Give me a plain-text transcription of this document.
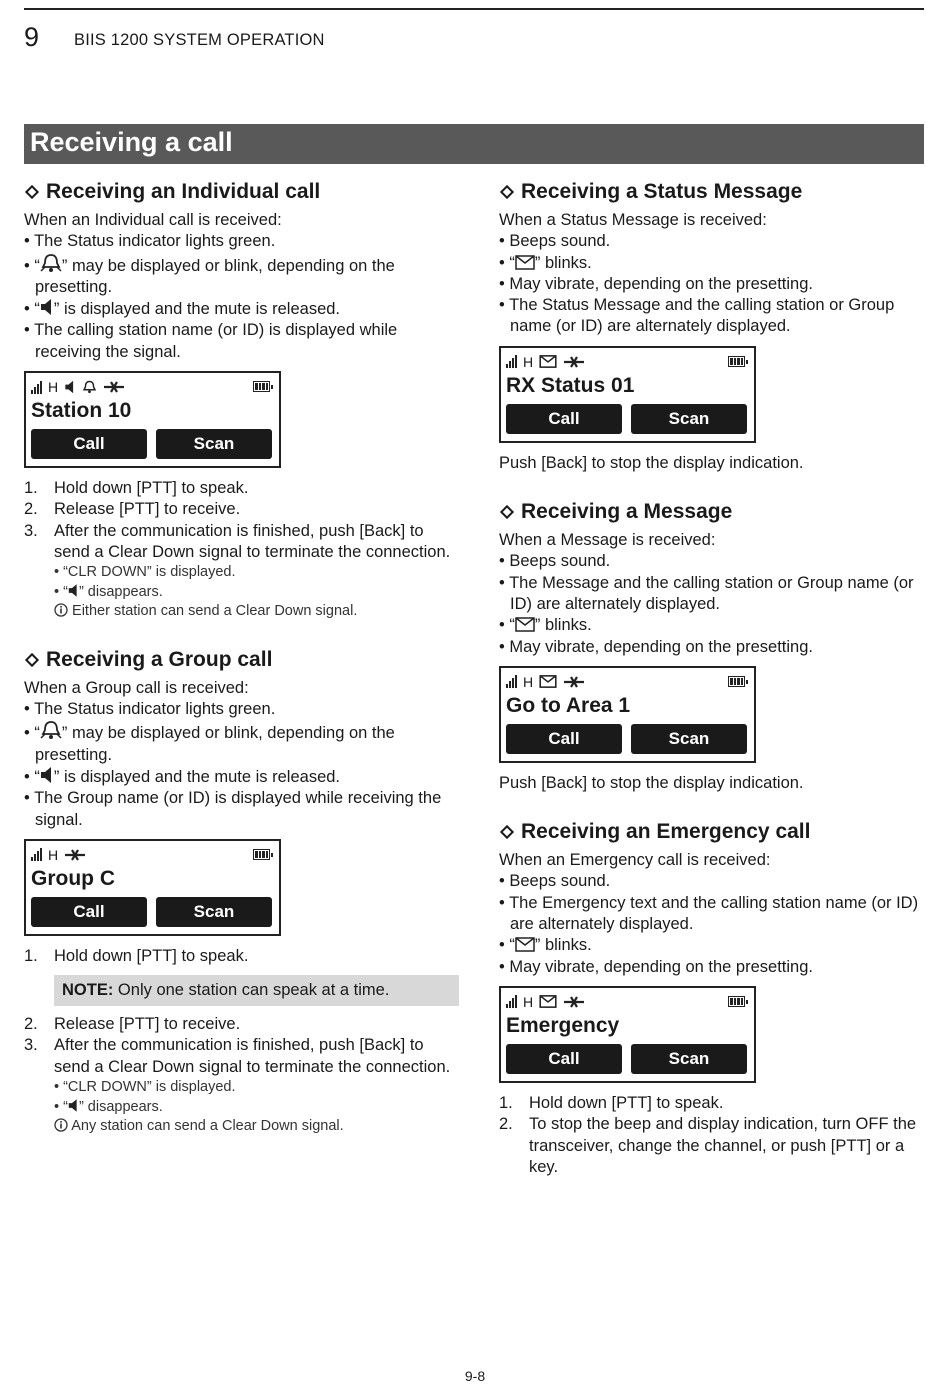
9 BIIS 1200 SYSTEM OPERATION
Receiving a call
Receiving an Individual call
When an Individual call is received:
• The Status indicator lights green.
• “ ” may be displayed or blink, depending on the presetting.
• “ ” is displayed and the mute is released.
• The calling station name (or ID) is displayed while receiving the signal.
H
Station 10
Call	Scan
1. Hold down [PTT] to speak.
2. Release [PTT] to receive.
3. After the communication is finished, push [Back] to send a Clear Down signal to terminate the connection.
• “CLR DOWN” is displayed.
• “ ” disappears.
Either station can send a Clear Down signal.
Receiving a Group call
When a Group call is received:
• The Status indicator lights green.
• “ ” may be displayed or blink, depending on the presetting.
• “ ” is displayed and the mute is released.
• The Group name (or ID) is displayed while receiving the signal.
H
Group C
Call	Scan
1. Hold down [PTT] to speak.
NOTE: Only one station can speak at a time.
2. Release [PTT] to receive.
3. After the communication is finished, push [Back] to send a Clear Down signal to terminate the connection.
• “CLR DOWN” is displayed.
• “ ” disappears.
Any station can send a Clear Down signal.
Receiving a Status Message
When a Status Message is received:
• Beeps sound.
• “ ” blinks.
• May vibrate, depending on the presetting.
• The Status Message and the calling station or Group name (or ID) are alternately displayed.
H
RX Status 01
Call	Scan
Push [Back] to stop the display indication.
Receiving a Message
When a Message is received:
• Beeps sound.
• The Message and the calling station or Group name (or ID) are alternately displayed.
• “ ” blinks.
• May vibrate, depending on the presetting.
H
Go to Area 1
Call	Scan
Push [Back] to stop the display indication.
Receiving an Emergency call
When an Emergency call is received:
• Beeps sound.
• The Emergency text and the calling station name (or ID) are alternately displayed.
• “ ” blinks.
• May vibrate, depending on the presetting.
H
Emergency
Call	Scan
1. Hold down [PTT] to speak.
2. To stop the beep and display indication, turn OFF the transceiver, change the channel, or push [PTT] or a key.
9-8
